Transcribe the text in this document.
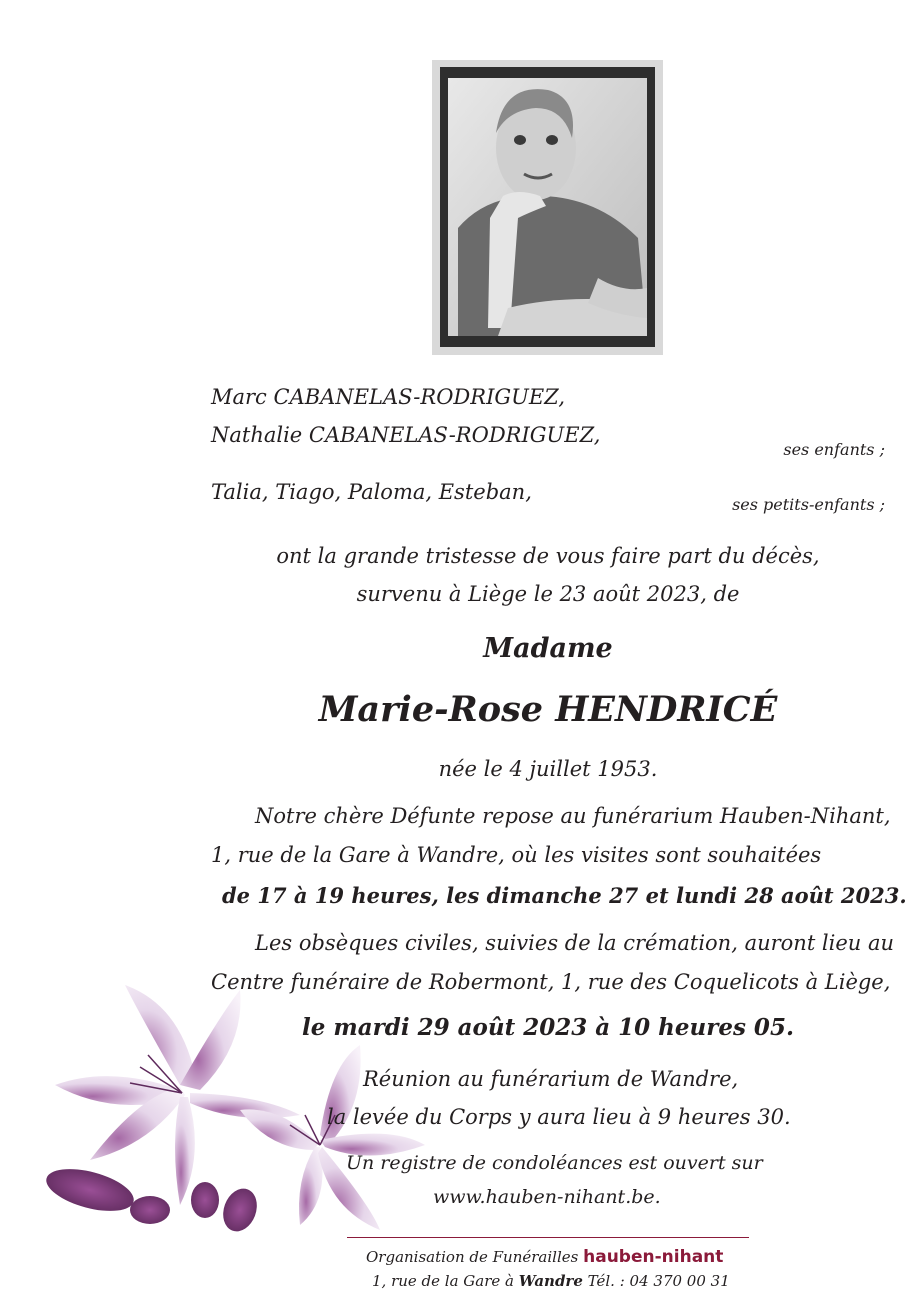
Marc CABANELAS-RODRIGUEZ,
Nathalie CABANELAS-RODRIGUEZ,
ses enfants ;
Talia, Tiago, Paloma, Esteban,
ses petits-enfants ;
ont la grande tristesse de vous faire part du décès,
survenu à Liège le 23 août 2023, de
Madame
Marie-Rose HENDRICÉ
née le 4 juillet 1953.
Notre chère Défunte repose au funérarium Hauben-Nihant,
1, rue de la Gare à Wandre, où les visites sont souhaitées
de 17 à 19 heures, les dimanche 27 et lundi 28 août 2023.
Les obsèques civiles, suivies de la crémation, auront lieu au
Centre funéraire de Robermont, 1, rue des Coquelicots à Liège,
le mardi 29 août 2023 à 10 heures 05.
Réunion au funérarium de Wandre,
la levée du Corps y aura lieu à 9 heures 30.
Un registre de condoléances est ouvert sur
www.hauben-nihant.be.
Organisation de Funérailles hauben-nihant
1, rue de la Gare à Wandre Tél. : 04 370 00 31
